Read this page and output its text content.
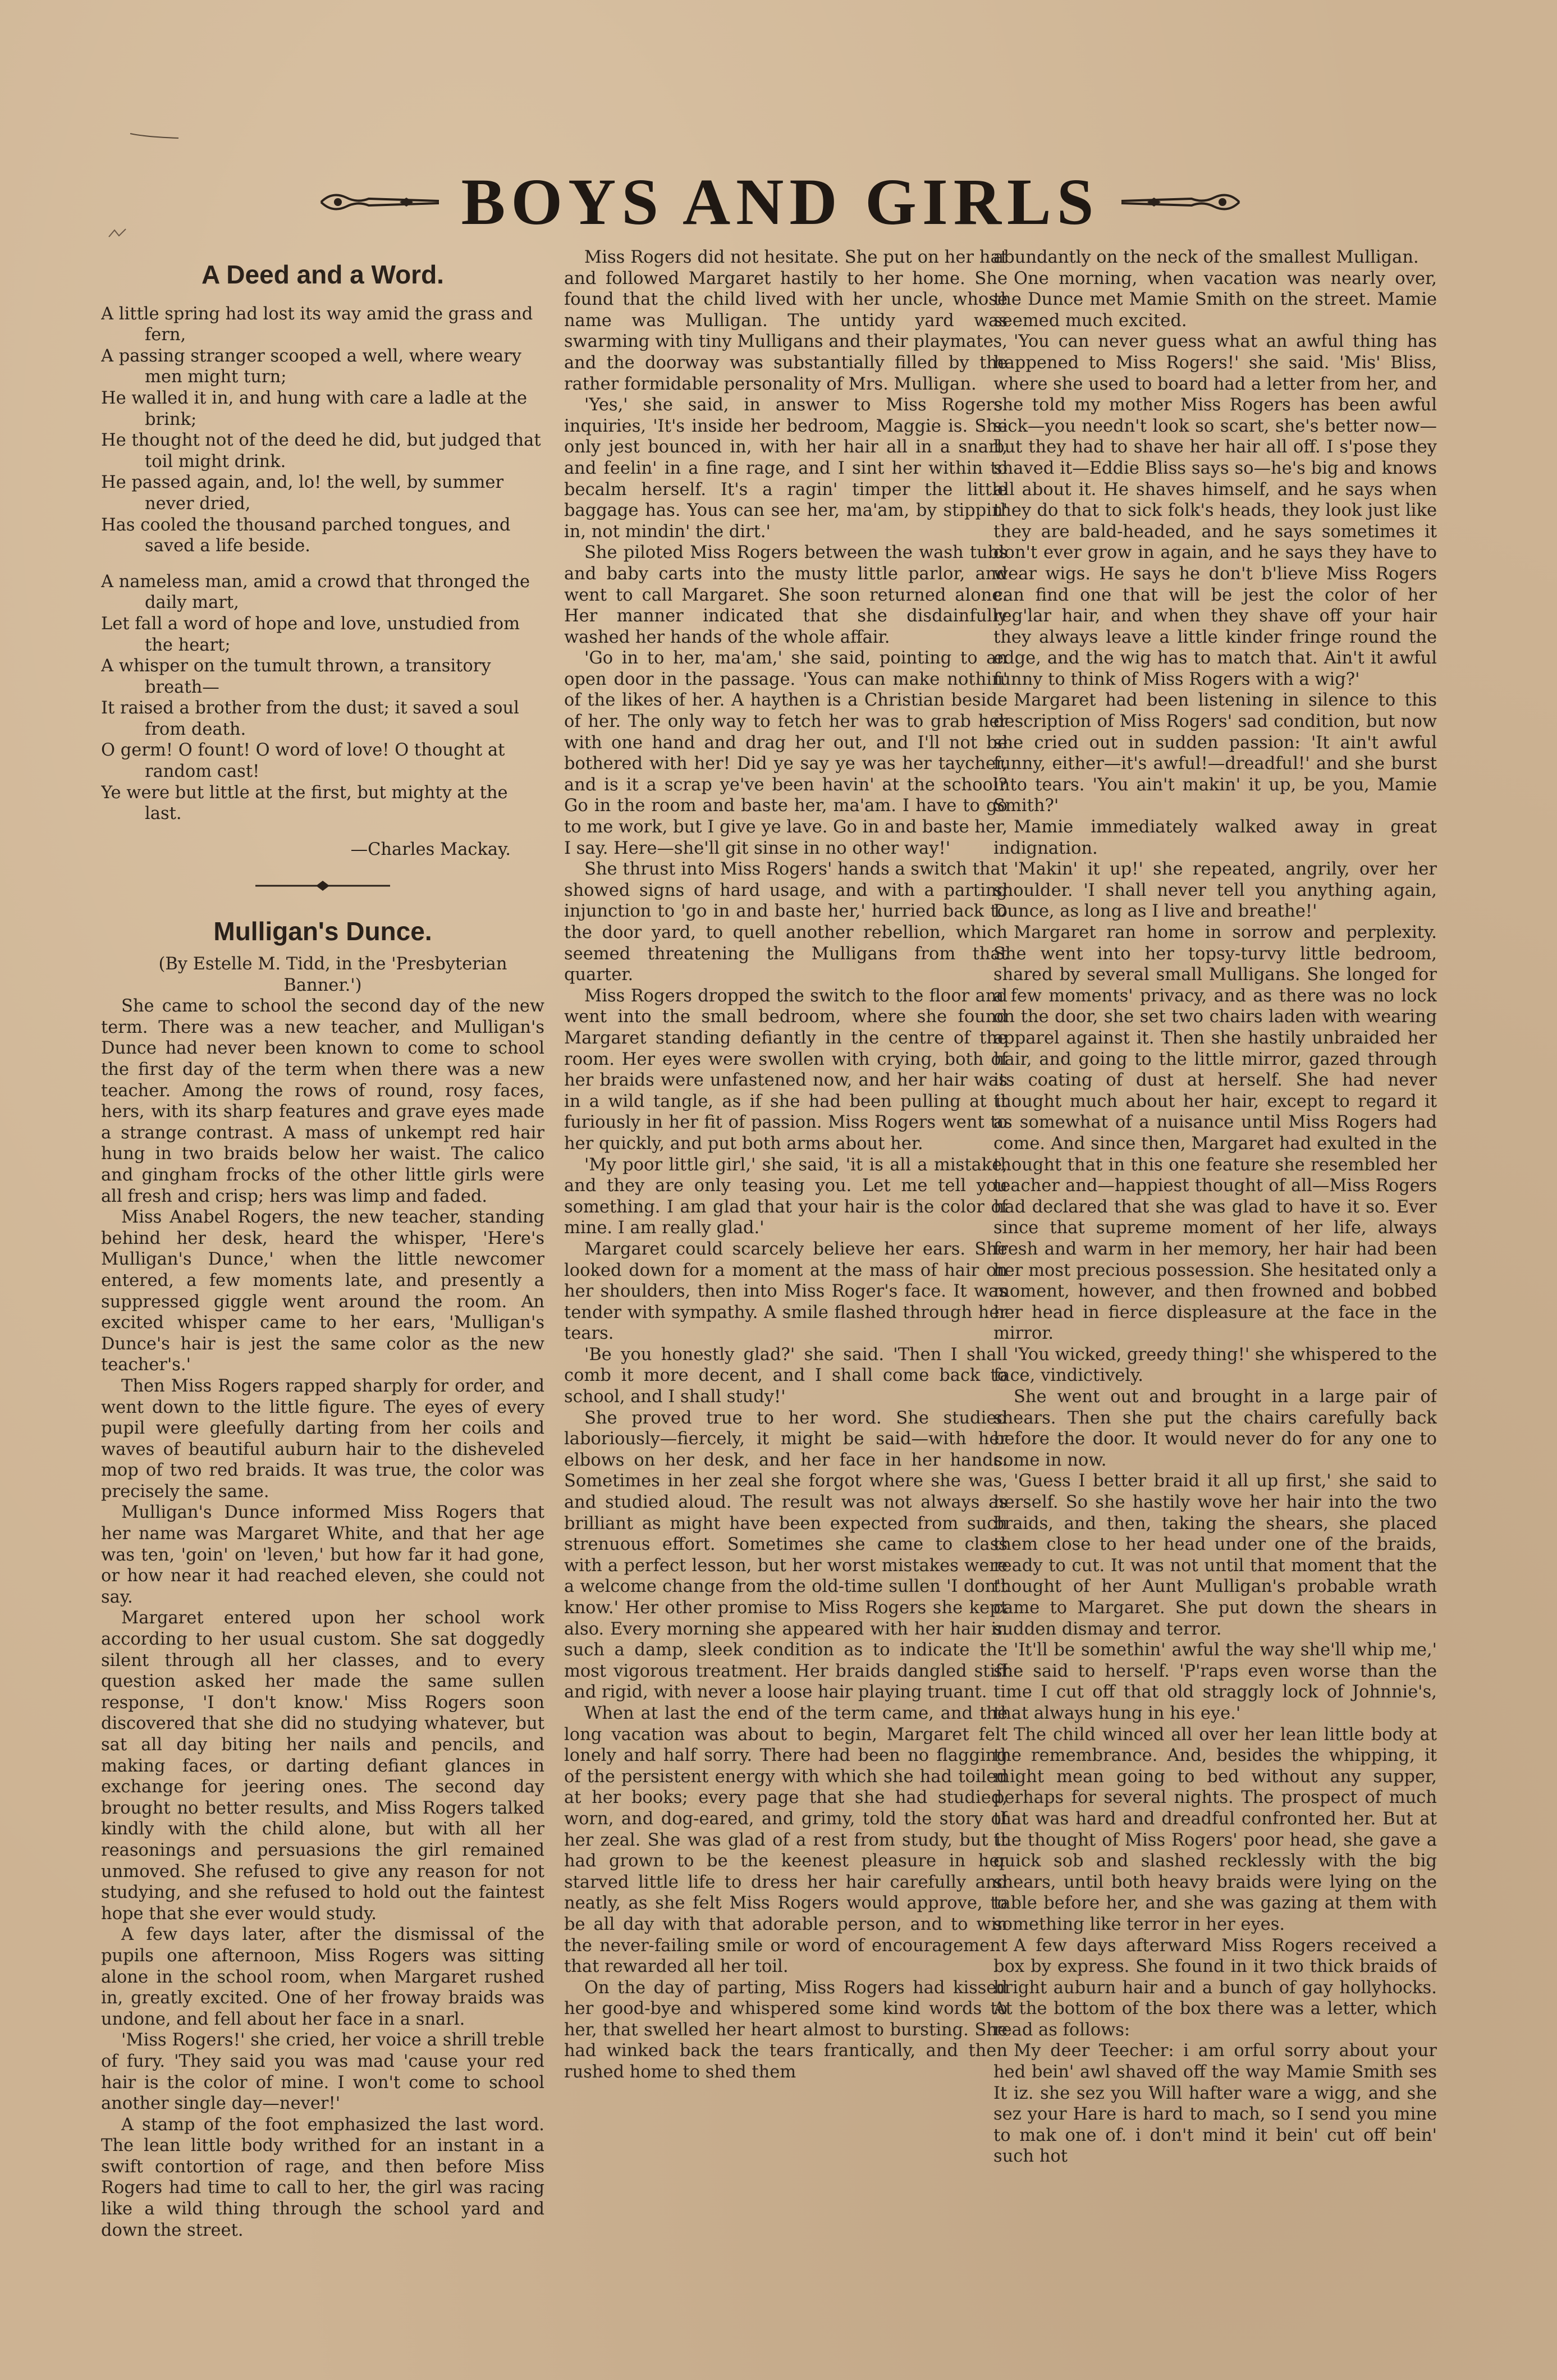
BOYS AND GIRLS
A Deed and a Word.

A little spring had lost its way amid the grass and fern,

A passing stranger scooped a well, where weary men might turn;

He walled it in, and hung with care a ladle at the brink;

He thought not of the deed he did, but judged that toil might drink.

He passed again, and, lo! the well, by summer never dried,

Has cooled the thousand parched tongues, and saved a life beside.

A nameless man, amid a crowd that thronged the daily mart,

Let fall a word of hope and love, unstudied from the heart;

A whisper on the tumult thrown, a transitory breath—

It raised a brother from the dust; it saved a soul from death.

O germ! O fount! O word of love! O thought at random cast!

Ye were but little at the first, but mighty at the last.

—Charles Mackay.

Mulligan's Dunce.

(By Estelle M. Tidd, in the 'Presbyterian Banner.')

She came to school the second day of the new term. There was a new teacher, and Mulligan's Dunce had never been known to come to school the first day of the term when there was a new teacher. Among the rows of round, rosy faces, hers, with its sharp features and grave eyes made a strange contrast. A mass of unkempt red hair hung in two braids below her waist. The calico and gingham frocks of the other little girls were all fresh and crisp; hers was limp and faded.

Miss Anabel Rogers, the new teacher, standing behind her desk, heard the whisper, 'Here's Mulligan's Dunce,' when the little newcomer entered, a few moments late, and presently a suppressed giggle went around the room. An excited whisper came to her ears, 'Mulligan's Dunce's hair is jest the same color as the new teacher's.'

Then Miss Rogers rapped sharply for order, and went down to the little figure. The eyes of every pupil were gleefully darting from her coils and waves of beautiful auburn hair to the disheveled mop of two red braids. It was true, the color was precisely the same.

Mulligan's Dunce informed Miss Rogers that her name was Margaret White, and that her age was ten, 'goin' on 'leven,' but how far it had gone, or how near it had reached eleven, she could not say.

Margaret entered upon her school work according to her usual custom. She sat doggedly silent through all her classes, and to every question asked her made the same sullen response, 'I don't know.' Miss Rogers soon discovered that she did no studying whatever, but sat all day biting her nails and pencils, and making faces, or darting defiant glances in exchange for jeering ones. The second day brought no better results, and Miss Rogers talked kindly with the child alone, but with all her reasonings and persuasions the girl remained unmoved. She refused to give any reason for not studying, and she refused to hold out the faintest hope that she ever would study.

A few days later, after the dismissal of the pupils one afternoon, Miss Rogers was sitting alone in the school room, when Margaret rushed in, greatly excited. One of her froway braids was undone, and fell about her face in a snarl.

'Miss Rogers!' she cried, her voice a shrill treble of fury. 'They said you was mad 'cause your red hair is the color of mine. I won't come to school another single day—never!'

A stamp of the foot emphasized the last word. The lean little body writhed for an instant in a swift contortion of rage, and then before Miss Rogers had time to call to her, the girl was racing like a wild thing through the school yard and down the street.

Miss Rogers did not hesitate. She put on her hat and followed Margaret hastily to her home. She found that the child lived with her uncle, whose name was Mulligan. The untidy yard was swarming with tiny Mulligans and their playmates, and the doorway was substantially filled by the rather formidable personality of Mrs. Mulligan.

'Yes,' she said, in answer to Miss Rogers' inquiries, 'It's inside her bedroom, Maggie is. She only jest bounced in, with her hair all in a snarl, and feelin' in a fine rage, and I sint her within to becalm herself. It's a ragin' timper the little baggage has. Yous can see her, ma'am, by stippin' in, not mindin' the dirt.'

She piloted Miss Rogers between the wash tubs and baby carts into the musty little parlor, and went to call Margaret. She soon returned alone. Her manner indicated that she disdainfully washed her hands of the whole affair.

'Go in to her, ma'am,' she said, pointing to an open door in the passage. 'Yous can make nothin' of the likes of her. A haythen is a Christian beside of her. The only way to fetch her was to grab her with one hand and drag her out, and I'll not be bothered with her! Did ye say ye was her taycher, and is it a scrap ye've been havin' at the school? Go in the room and baste her, ma'am. I have to go to me work, but I give ye lave. Go in and baste her, I say. Here—she'll git sinse in no other way!'

She thrust into Miss Rogers' hands a switch that showed signs of hard usage, and with a parting injunction to 'go in and baste her,' hurried back to the door yard, to quell another rebellion, which seemed threatening the Mulligans from that quarter.

Miss Rogers dropped the switch to the floor and went into the small bedroom, where she found Margaret standing defiantly in the centre of the room. Her eyes were swollen with crying, both of her braids were unfastened now, and her hair was in a wild tangle, as if she had been pulling at it furiously in her fit of passion. Miss Rogers went to her quickly, and put both arms about her.

'My poor little girl,' she said, 'it is all a mistake, and they are only teasing you. Let me tell you something. I am glad that your hair is the color of mine. I am really glad.'

Margaret could scarcely believe her ears. She looked down for a moment at the mass of hair on her shoulders, then into Miss Roger's face. It was tender with sympathy. A smile flashed through her tears.

'Be you honestly glad?' she said. 'Then I shall comb it more decent, and I shall come back to school, and I shall study!'

She proved true to her word. She studied laboriously—fiercely, it might be said—with her elbows on her desk, and her face in her hands. Sometimes in her zeal she forgot where she was, and studied aloud. The result was not always as brilliant as might have been expected from such strenuous effort. Sometimes she came to class with a perfect lesson, but her worst mistakes were a welcome change from the old-time sullen 'I don't know.' Her other promise to Miss Rogers she kept also. Every morning she appeared with her hair in such a damp, sleek condition as to indicate the most vigorous treatment. Her braids dangled stiff and rigid, with never a loose hair playing truant.

When at last the end of the term came, and the long vacation was about to begin, Margaret felt lonely and half sorry. There had been no flagging of the persistent energy with which she had toiled at her books; every page that she had studied, worn, and dog-eared, and grimy, told the story of her zeal. She was glad of a rest from study, but it had grown to be the keenest pleasure in her starved little life to dress her hair carefully and neatly, as she felt Miss Rogers would approve, to be all day with that adorable person, and to win the never-failing smile or word of encouragement that rewarded all her toil.

On the day of parting, Miss Rogers had kissed her good-bye and whispered some kind words to her, that swelled her heart almost to bursting. She had winked back the tears frantically, and then rushed home to shed them

abundantly on the neck of the smallest Mulligan.

One morning, when vacation was nearly over, the Dunce met Mamie Smith on the street. Mamie seemed much excited.

'You can never guess what an awful thing has happened to Miss Rogers!' she said. 'Mis' Bliss, where she used to board had a letter from her, and she told my mother Miss Rogers has been awful sick—you needn't look so scart, she's better now—but they had to shave her hair all off. I s'pose they shaved it—Eddie Bliss says so—he's big and knows all about it. He shaves himself, and he says when they do that to sick folk's heads, they look just like they are bald-headed, and he says sometimes it don't ever grow in again, and he says they have to wear wigs. He says he don't b'lieve Miss Rogers can find one that will be jest the color of her reg'lar hair, and when they shave off your hair they always leave a little kinder fringe round the edge, and the wig has to match that. Ain't it awful funny to think of Miss Rogers with a wig?'

Margaret had been listening in silence to this description of Miss Rogers' sad condition, but now she cried out in sudden passion: 'It ain't awful funny, either—it's awful!—dreadful!' and she burst into tears. 'You ain't makin' it up, be you, Mamie Smith?'

Mamie immediately walked away in great indignation.

'Makin' it up!' she repeated, angrily, over her shoulder. 'I shall never tell you anything again, Dunce, as long as I live and breathe!'

Margaret ran home in sorrow and perplexity. She went into her topsy-turvy little bedroom, shared by several small Mulligans. She longed for a few moments' privacy, and as there was no lock on the door, she set two chairs laden with wearing apparel against it. Then she hastily unbraided her hair, and going to the little mirror, gazed through its coating of dust at herself. She had never thought much about her hair, except to regard it as somewhat of a nuisance until Miss Rogers had come. And since then, Margaret had exulted in the thought that in this one feature she resembled her teacher and—happiest thought of all—Miss Rogers had declared that she was glad to have it so. Ever since that supreme moment of her life, always fresh and warm in her memory, her hair had been her most precious possession. She hesitated only a moment, however, and then frowned and bobbed her head in fierce displeasure at the face in the mirror.

'You wicked, greedy thing!' she whispered to the face, vindictively.

She went out and brought in a large pair of shears. Then she put the chairs carefully back before the door. It would never do for any one to come in now.

'Guess I better braid it all up first,' she said to herself. So she hastily wove her hair into the two braids, and then, taking the shears, she placed them close to her head under one of the braids, ready to cut. It was not until that moment that the thought of her Aunt Mulligan's probable wrath came to Margaret. She put down the shears in sudden dismay and terror.

'It'll be somethin' awful the way she'll whip me,' she said to herself. 'P'raps even worse than the time I cut off that old straggly lock of Johnnie's, that always hung in his eye.'

The child winced all over her lean little body at the remembrance. And, besides the whipping, it might mean going to bed without any supper, perhaps for several nights. The prospect of much that was hard and dreadful confronted her. But at the thought of Miss Rogers' poor head, she gave a quick sob and slashed recklessly with the big shears, until both heavy braids were lying on the table before her, and she was gazing at them with something like terror in her eyes.

A few days afterward Miss Rogers received a box by express. She found in it two thick braids of bright auburn hair and a bunch of gay hollyhocks. At the bottom of the box there was a letter, which read as follows:

My deer Teecher: i am orful sorry about your hed bein' awl shaved off the way Mamie Smith ses It iz. she sez you Will hafter ware a wigg, and she sez your Hare is hard to mach, so I send you mine to mak one of. i don't mind it bein' cut off bein' such hot
